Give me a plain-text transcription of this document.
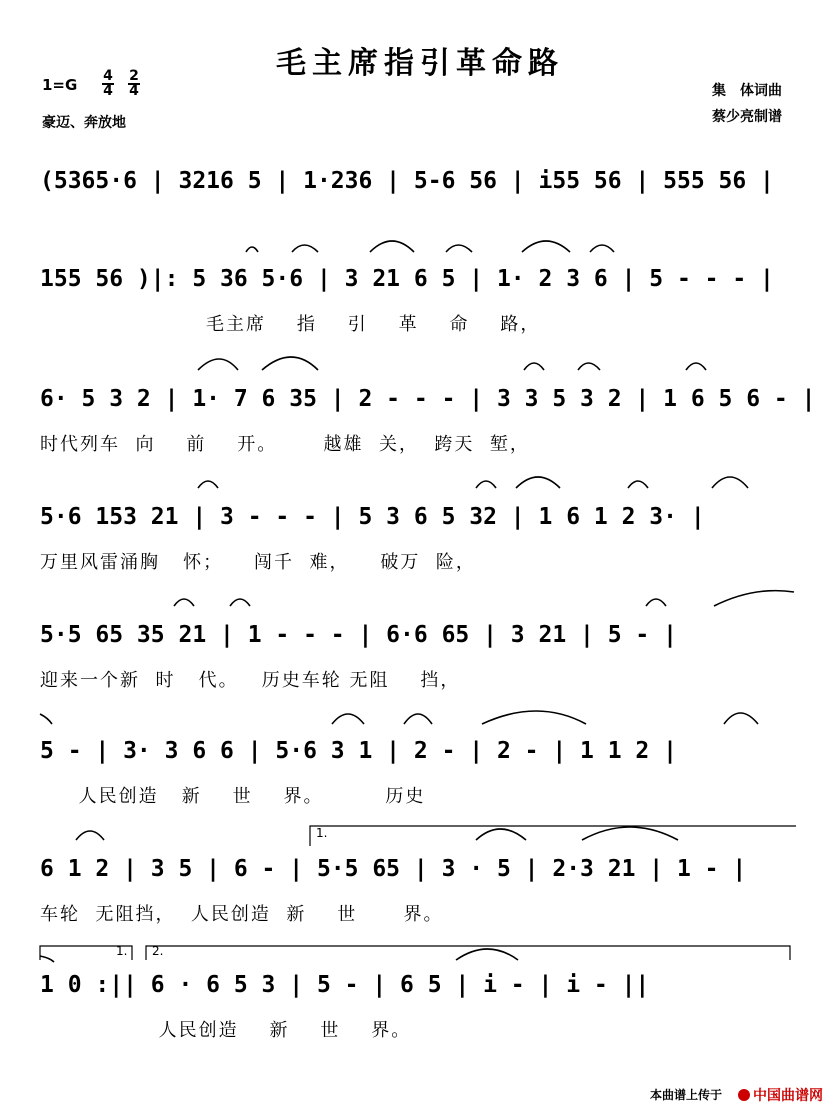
毛主席指引革命路
1=G 4
4
2
4
豪迈、奔放地
集　体词曲
蔡少亮制谱
1.
1. 2.
(5365·6 | 3216 5 | 1·236 | 5-6 56 | i55 56 | 555 56 |
155 56 )|: 5 36 5·6 | 3 21 6 5 | 1· 2 3 6 | 5 - - - |
毛主席    指    引    革    命    路，
6· 5 3 2 | 1· 7 6 35 | 2 - - - | 3 3 5 3 2 | 1 6 5 6 - |
时代列车  向    前    开。      越雄  关，  跨天  堑，
5·6 153 21 | 3 - - - | 5 3 6 5 32 | 1 6 1 2 3· |
万里风雷涌胸   怀；    闯千  难，    破万  险，
5·5 65 35 21 | 1 - - - | 6·6 65 | 3 21 | 5 - |
迎来一个新  时   代。   历史车轮 无阻    挡，
5 - | 3· 3 6 6 | 5·6 3 1 | 2 - | 2 - | 1 1 2 |
人民创造   新    世    界。        历史
6 1 2 | 3 5 | 6 - | 5·5 65 | 3 · 5 | 2·3 21 | 1 - |
车轮  无阻挡，  人民创造  新    世      界。
1 0 :|| 6 · 6 5 3 | 5 - | 6 5 | i - | i - ||
人民创造    新    世    界。
本曲谱上传于 中国曲谱网
